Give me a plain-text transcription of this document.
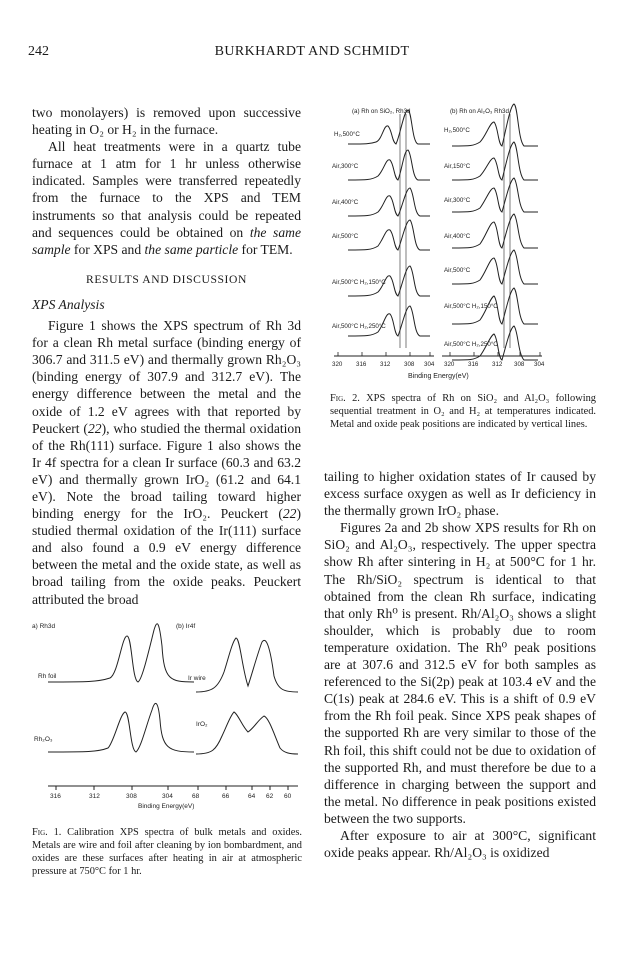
242	BURKHARDT AND SCHMIDT

two monolayers) is removed upon successive heating in O₂ or H₂ in the furnace.

All heat treatments were in a quartz tube furnace at 1 atm for 1 hr unless otherwise indicated. Samples were transferred repeatedly from the furnace to the XPS and TEM instruments so that analysis could be repeated and sequences could be obtained on the same sample for XPS and the same particle for TEM.

RESULTS AND DISCUSSION

XPS Analysis

Figure 1 shows the XPS spectrum of Rh 3d for a clean Rh metal surface (binding energy of 306.7 and 311.5 eV) and thermally grown Rh₂O₃ (binding energy of 307.9 and 312.7 eV). The energy difference between the metal and the oxide of 1.2 eV agrees with that reported by Peuckert (22), who studied the thermal oxidation of the Rh(111) surface. Figure 1 also shows the Ir 4f spectra for a clean Ir surface (60.3 and 63.2 eV) and thermally grown IrO₂ (61.2 and 64.1 eV). Note the broad tailing toward higher binding energy for the IrO₂. Peuckert (22) studied thermal oxidation of the Ir(111) surface and also found a 0.9 eV energy difference between the metal and the oxide state, as well as broad tailing from the oxide peaks. Peuckert attributed the broad

a) Rh3d	(b) Ir4f
Rh foil
Rh₂O₃
Ir wire
IrO₂
316	312	308	304	68	66	64 62 60
Binding Energy(eV)
Fig. 1. Calibration XPS spectra of bulk metals and oxides. Metals are wire and foil after cleaning by ion bombardment, and oxides are these surfaces after heating in air at atmospheric pressure at 750°C for 1 hr.
(a) Rh on SiO₂, Rh3d	(b) Rh on Al₂O₃ Rh3d
H₂,500°C
Air,300°C
Air,400°C
Air,500°C
Air,500°C H₂,150°C
Air,500°C H₂,250°C
H₂,500°C
Air,150°C
Air,300°C
Air,400°C
Air,500°C
Air,500°C H₂,150°C
Air,500°C H₂,250°C
320 316 312 308 304 320 316 312 308 304
Binding Energy(eV)
Fig. 2. XPS spectra of Rh on SiO₂ and Al₂O₃ following sequential treatment in O₂ and H₂ at temperatures indicated. Metal and oxide peak positions are indicated by vertical lines.

tailing to higher oxidation states of Ir caused by excess surface oxygen as well as Ir deficiency in the thermally grown IrO₂ phase.

Figures 2a and 2b show XPS results for Rh on SiO₂ and Al₂O₃, respectively. The upper spectra show Rh after sintering in H₂ at 500°C for 1 hr. The Rh/SiO₂ spectrum is identical to that obtained from the clean Rh surface, indicating that only Rh⁰ is present. Rh/Al₂O₃ shows a slight shoulder, which is probably due to room temperature oxidation. The Rh⁰ peak positions are at 307.6 and 312.5 eV for both samples as referenced to the Si(2p) peak at 103.4 eV and the C(1s) peak at 284.6 eV. This is a shift of 0.9 eV from the Rh foil peak. Since XPS peak shapes of the supported Rh are very similar to those of the Rh foil, this shift could not be due to oxidation of the supported Rh, and must therefore be due to a difference in charging between the support and the metal. No difference in peak positions existed between the two supports.

After exposure to air at 300°C, significant oxide peaks appear. Rh/Al₂O₃ is oxidized
